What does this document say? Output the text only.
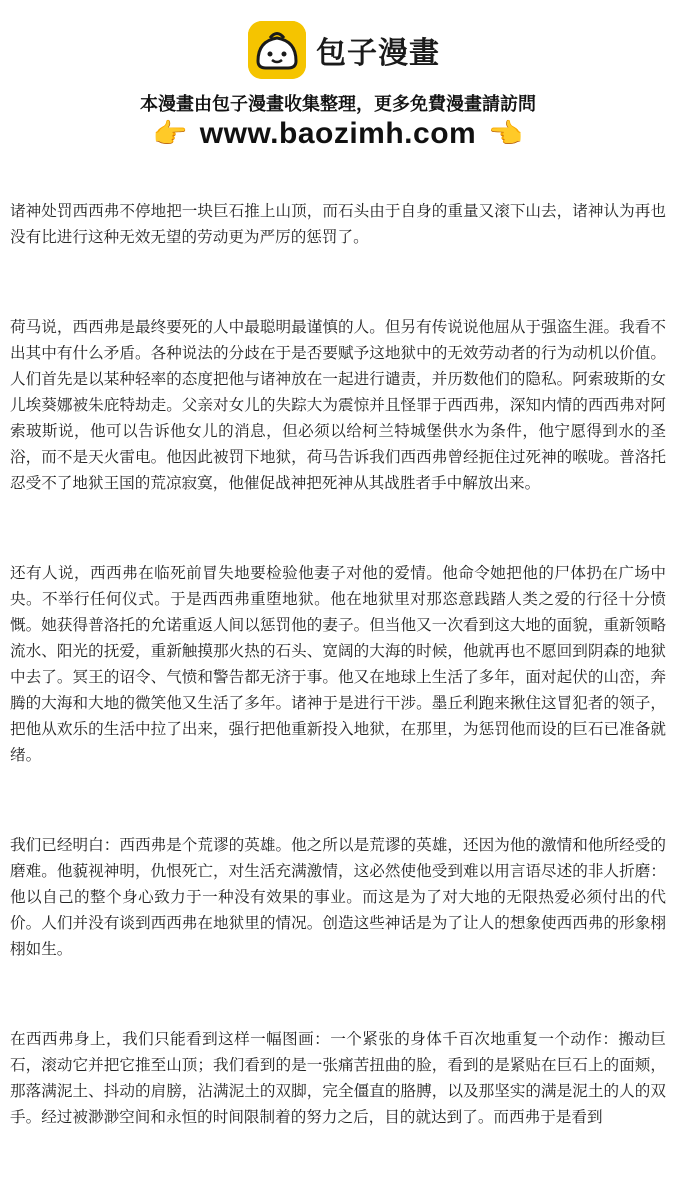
包子漫畫
本漫畫由包子漫畫收集整理，更多免費漫畫請訪問
👉 www.baozimh.com 👈

诸神处罚西西弗不停地把一块巨石推上山顶，而石头由于自身的重量又滚下山去，诸神认为再也没有比进行这种无效无望的劳动更为严厉的惩罚了。

荷马说，西西弗是最终要死的人中最聪明最谨慎的人。但另有传说说他屈从于强盗生涯。我看不出其中有什么矛盾。各种说法的分歧在于是否要赋予这地狱中的无效劳动者的行为动机以价值。人们首先是以某种轻率的态度把他与诸神放在一起进行谴责，并历数他们的隐私。阿索玻斯的女儿埃葵娜被朱庇特劫走。父亲对女儿的失踪大为震惊并且怪罪于西西弗，深知内情的西西弗对阿索玻斯说，他可以告诉他女儿的消息，但必须以给柯兰特城堡供水为条件，他宁愿得到水的圣浴，而不是天火雷电。他因此被罚下地狱，荷马告诉我们西西弗曾经扼住过死神的喉咙。普洛托忍受不了地狱王国的荒凉寂寞，他催促战神把死神从其战胜者手中解放出来。

还有人说，西西弗在临死前冒失地要检验他妻子对他的爱情。他命令她把他的尸体扔在广场中央。不举行任何仪式。于是西西弗重堕地狱。他在地狱里对那恣意践踏人类之爱的行径十分愤慨。她获得普洛托的允诺重返人间以惩罚他的妻子。但当他又一次看到这大地的面貌，重新领略流水、阳光的抚爱，重新触摸那火热的石头、宽阔的大海的时候，他就再也不愿回到阴森的地狱中去了。冥王的诏令、气愤和警告都无济于事。他又在地球上生活了多年，面对起伏的山峦，奔腾的大海和大地的微笑他又生活了多年。诸神于是进行干涉。墨丘利跑来揪住这冒犯者的领子，把他从欢乐的生活中拉了出来，强行把他重新投入地狱，在那里，为惩罚他而设的巨石已准备就绪。

我们已经明白：西西弗是个荒谬的英雄。他之所以是荒谬的英雄，还因为他的激情和他所经受的磨难。他藐视神明，仇恨死亡，对生活充满激情，这必然使他受到难以用言语尽述的非人折磨：他以自己的整个身心致力于一种没有效果的事业。而这是为了对大地的无限热爱必须付出的代价。人们并没有谈到西西弗在地狱里的情况。创造这些神话是为了让人的想象使西西弗的形象栩栩如生。

在西西弗身上，我们只能看到这样一幅图画：一个紧张的身体千百次地重复一个动作：搬动巨石，滚动它并把它推至山顶；我们看到的是一张痛苦扭曲的脸，看到的是紧贴在巨石上的面颊，那落满泥土、抖动的肩膀，沾满泥土的双脚，完全僵直的胳膊，以及那坚实的满是泥土的人的双手。经过被渺渺空间和永恒的时间限制着的努力之后，目的就达到了。而西弗于是看到
